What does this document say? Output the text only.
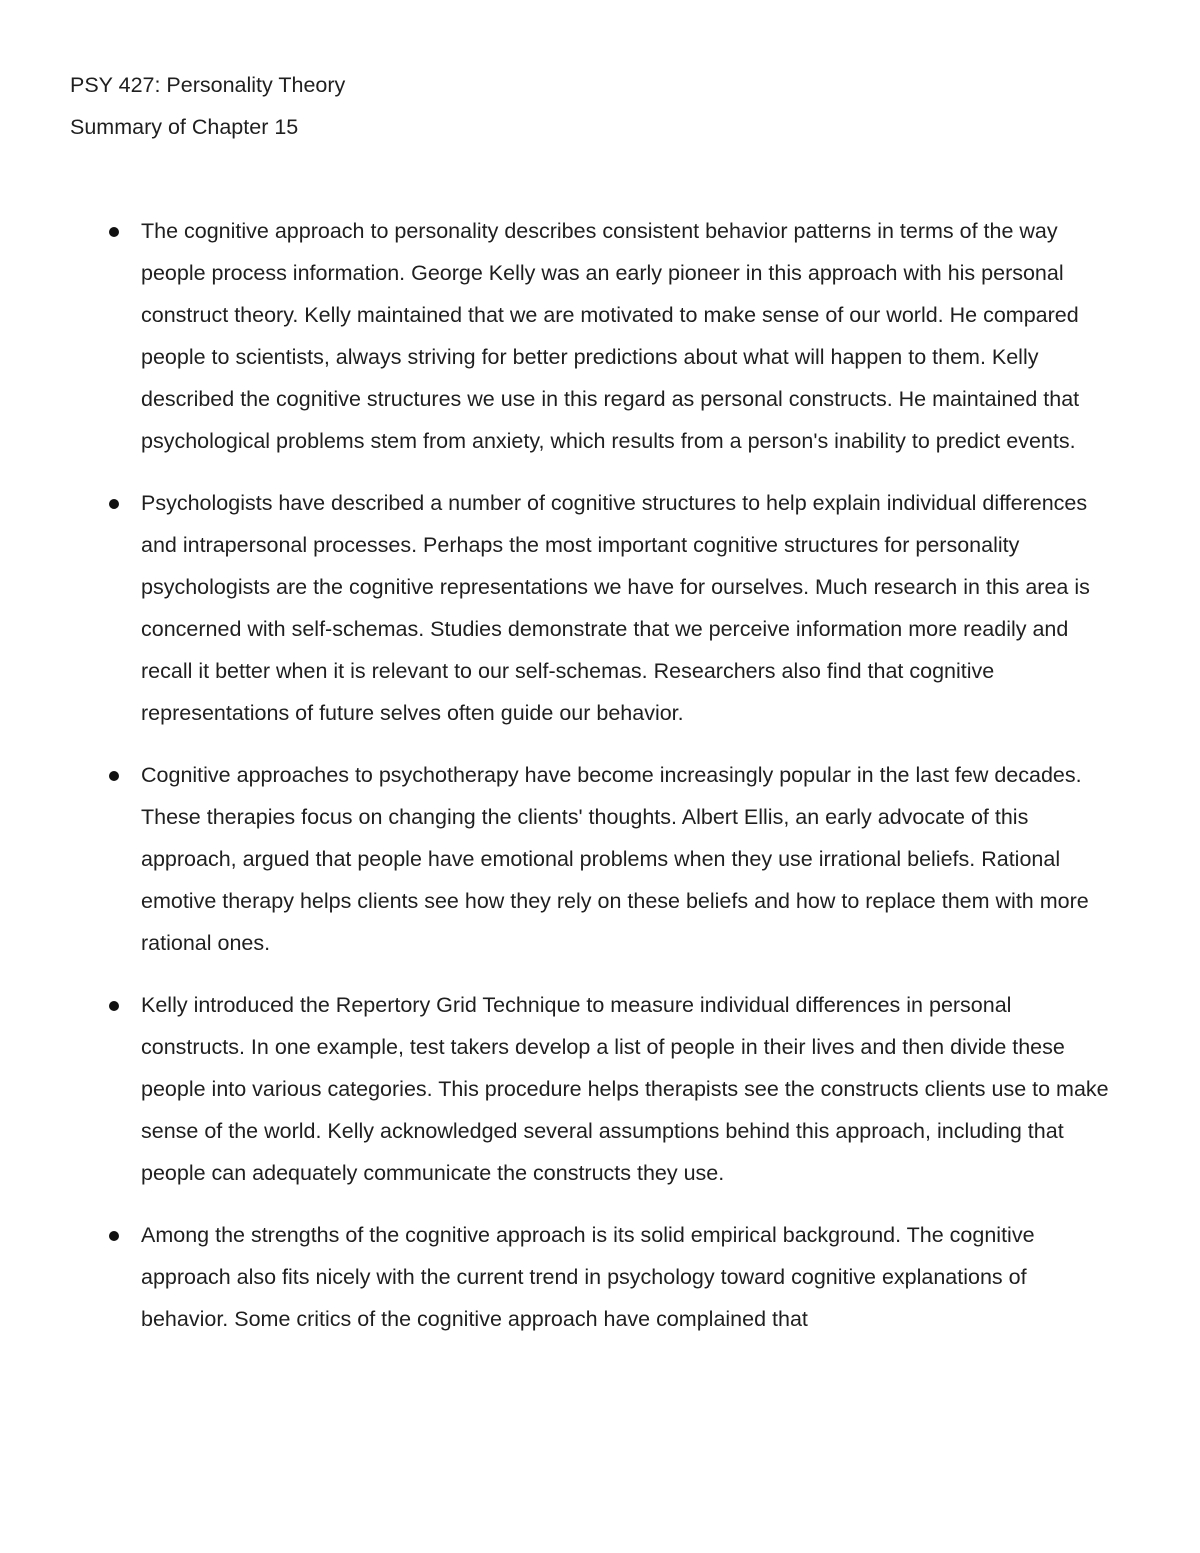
PSY 427: Personality Theory

Summary of Chapter 15

The cognitive approach to personality describes consistent behavior patterns in terms of the way people process information. George Kelly was an early pioneer in this approach with his personal construct theory. Kelly maintained that we are motivated to make sense of our world. He compared people to scientists, always striving for better predictions about what will happen to them. Kelly described the cognitive structures we use in this regard as personal constructs. He maintained that psychological problems stem from anxiety, which results from a person's inability to predict events.
Psychologists have described a number of cognitive structures to help explain individual differences and intrapersonal processes. Perhaps the most important cognitive structures for personality psychologists are the cognitive representations we have for ourselves. Much research in this area is concerned with self-schemas. Studies demonstrate that we perceive information more readily and recall it better when it is relevant to our self-schemas. Researchers also find that cognitive representations of future selves often guide our behavior.
Cognitive approaches to psychotherapy have become increasingly popular in the last few decades. These therapies focus on changing the clients' thoughts. Albert Ellis, an early advocate of this approach, argued that people have emotional problems when they use irrational beliefs. Rational emotive therapy helps clients see how they rely on these beliefs and how to replace them with more rational ones.
Kelly introduced the Repertory Grid Technique to measure individual differences in personal constructs. In one example, test takers develop a list of people in their lives and then divide these people into various categories. This procedure helps therapists see the constructs clients use to make sense of the world. Kelly acknowledged several assumptions behind this approach, including that people can adequately communicate the constructs they use.
Among the strengths of the cognitive approach is its solid empirical background. The cognitive approach also fits nicely with the current trend in psychology toward cognitive explanations of behavior. Some critics of the cognitive approach have complained that
